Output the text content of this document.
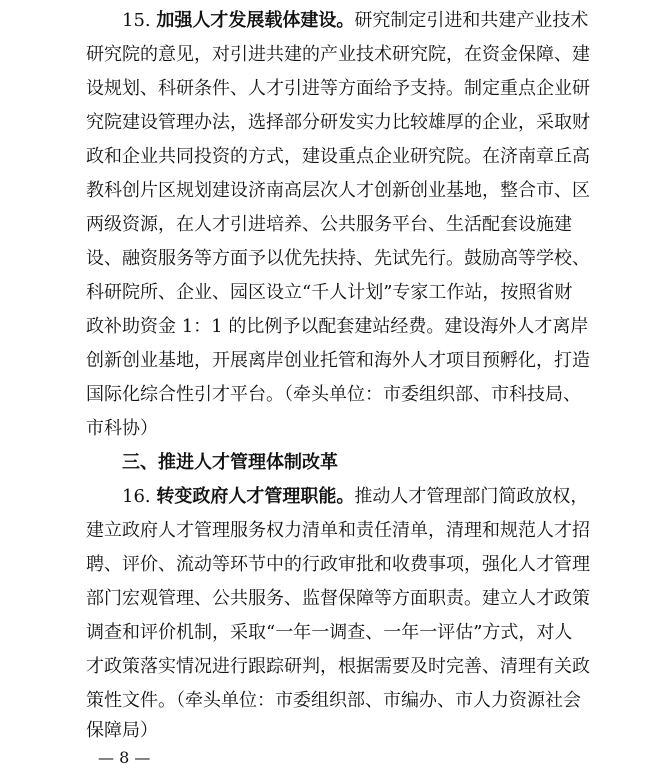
15. 加强人才发展载体建设。研究制定引进和共建产业技术
研究院的意见，对引进共建的产业技术研究院，在资金保障、建
设规划、科研条件、人才引进等方面给予支持。制定重点企业研
究院建设管理办法，选择部分研发实力比较雄厚的企业，采取财
政和企业共同投资的方式，建设重点企业研究院。在济南章丘高
教科创片区规划建设济南高层次人才创新创业基地，整合市、区
两级资源，在人才引进培养、公共服务平台、生活配套设施建
设、融资服务等方面予以优先扶持、先试先行。鼓励高等学校、
科研院所、企业、园区设立“千人计划”专家工作站，按照省财
政补助资金 1：1 的比例予以配套建站经费。建设海外人才离岸
创新创业基地，开展离岸创业托管和海外人才项目预孵化，打造
国际化综合性引才平台。（牵头单位：市委组织部、市科技局、
市科协）
三、推进人才管理体制改革
16. 转变政府人才管理职能。推动人才管理部门简政放权，
建立政府人才管理服务权力清单和责任清单，清理和规范人才招
聘、评价、流动等环节中的行政审批和收费事项，强化人才管理
部门宏观管理、公共服务、监督保障等方面职责。建立人才政策
调查和评价机制，采取“一年一调查、一年一评估”方式，对人
才政策落实情况进行跟踪研判，根据需要及时完善、清理有关政
策性文件。（牵头单位：市委组织部、市编办、市人力资源社会
保障局）
— 8 —
